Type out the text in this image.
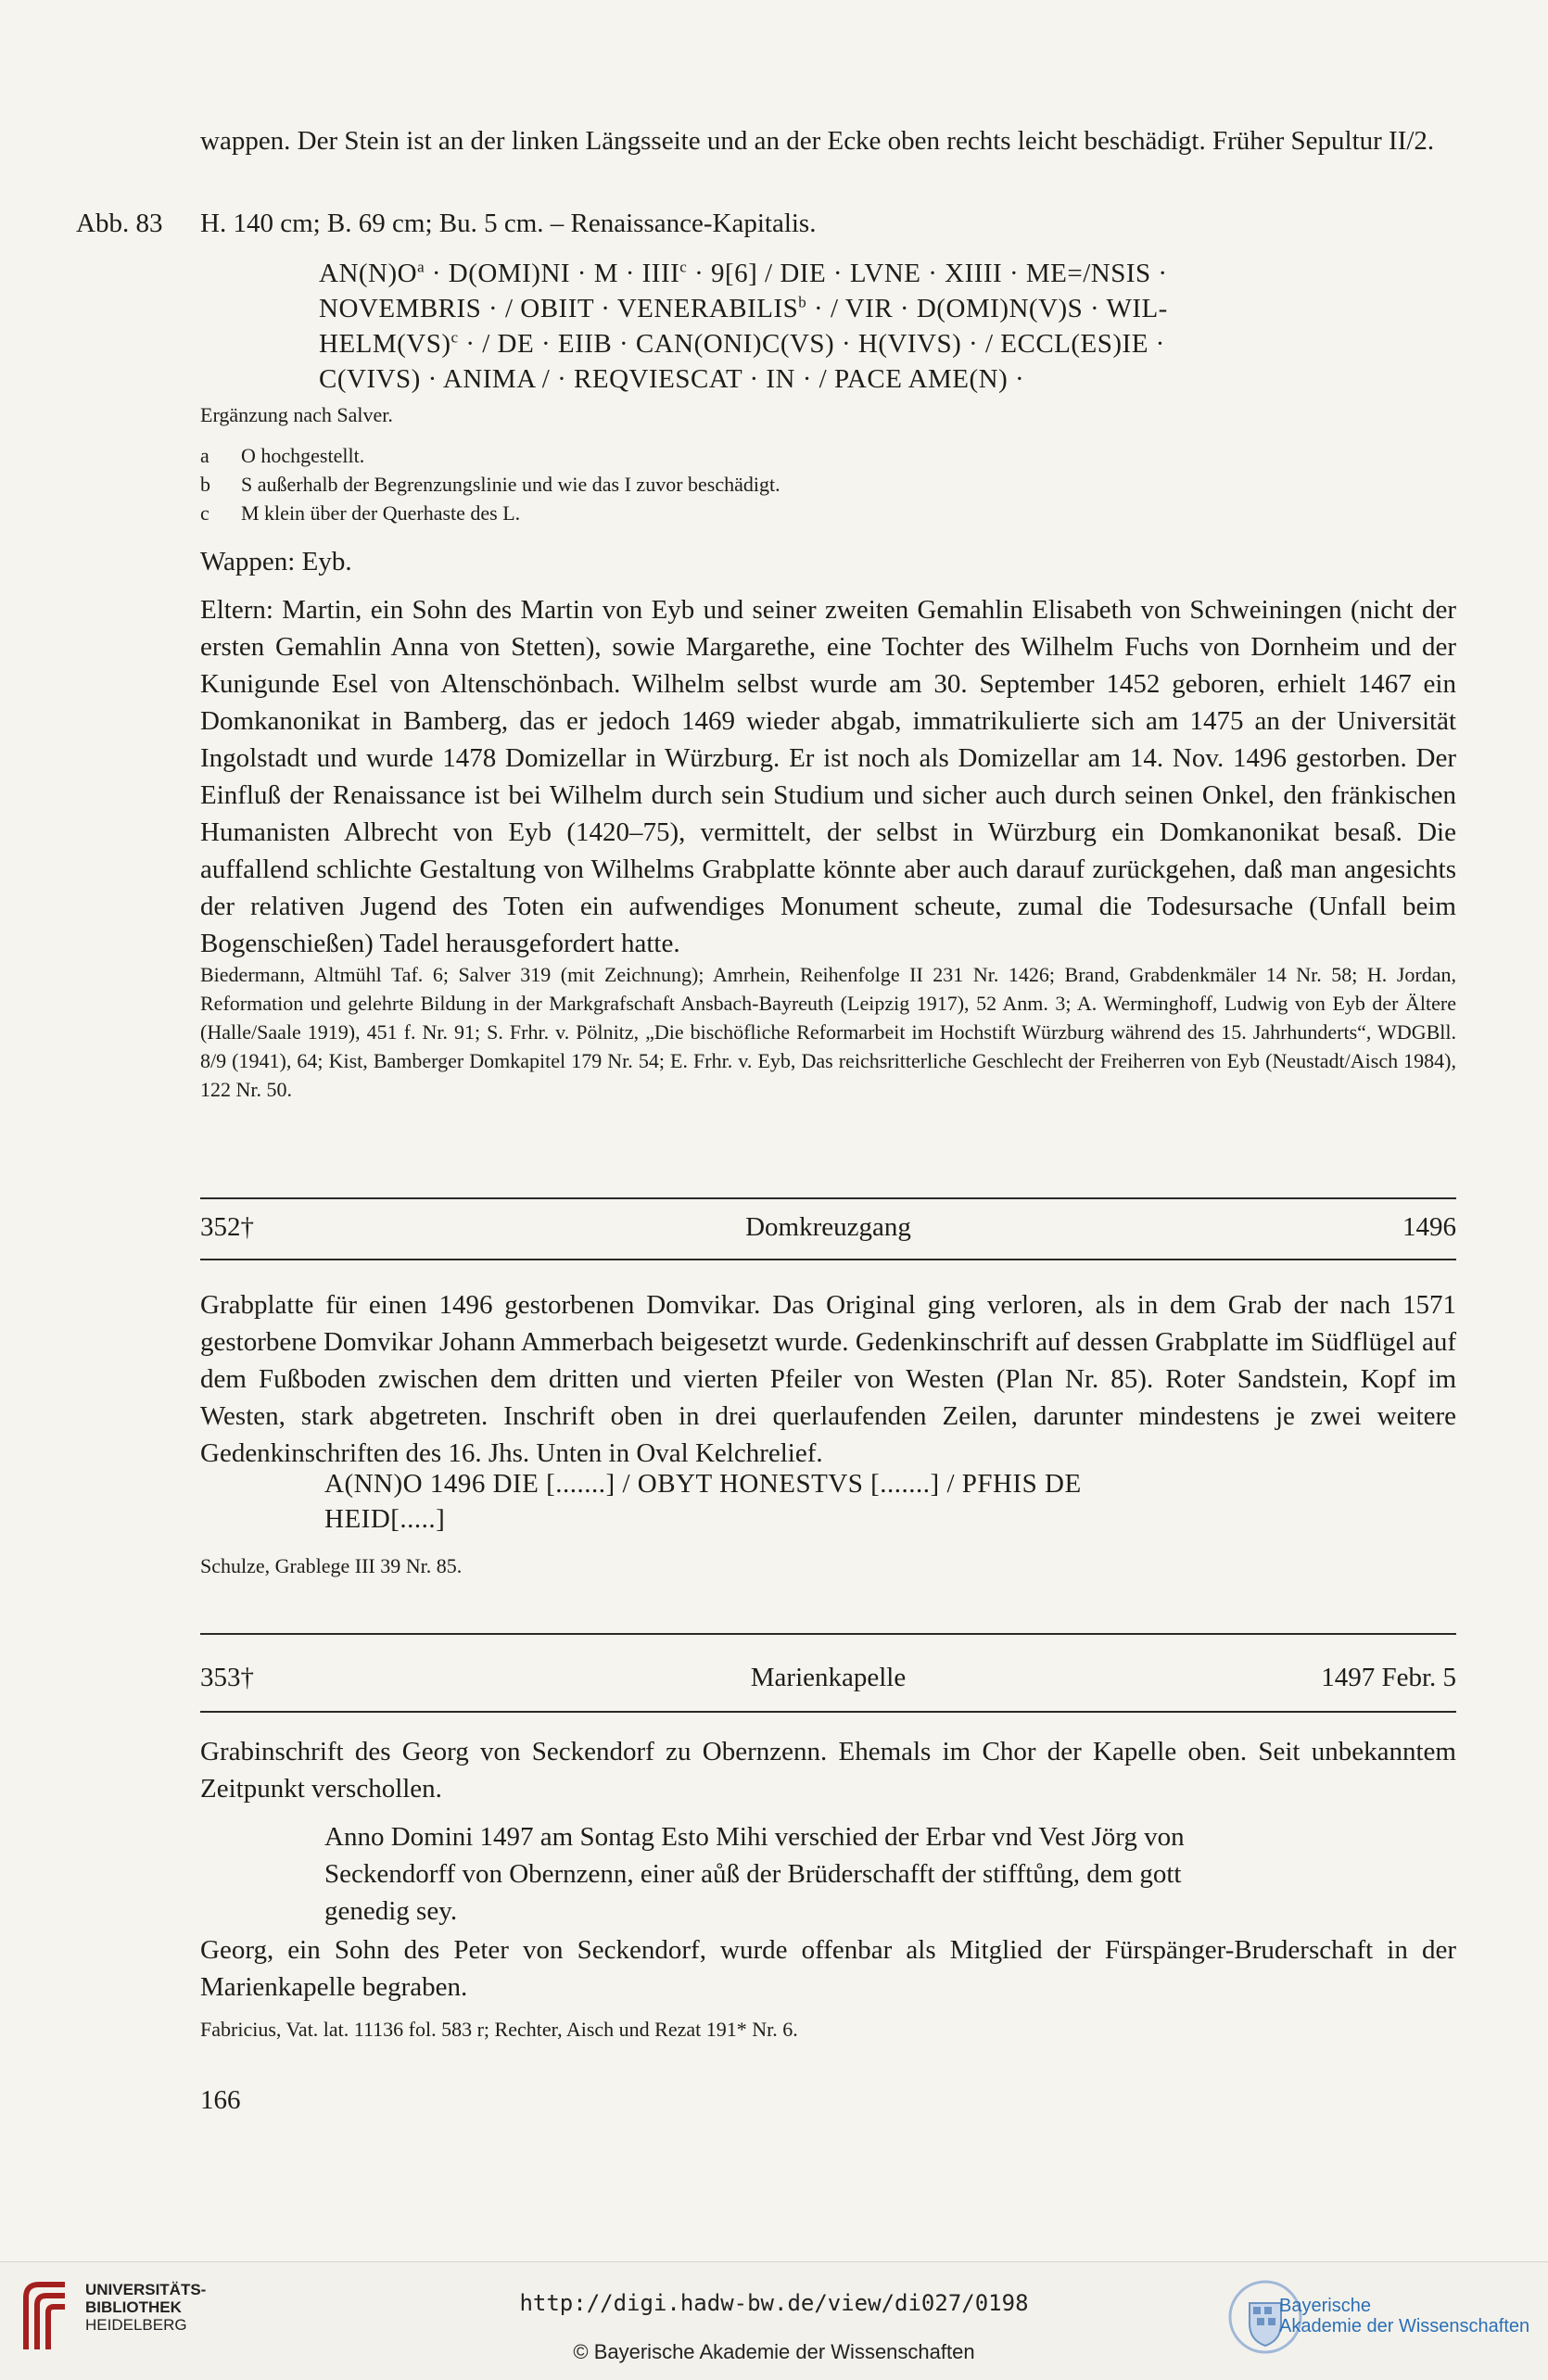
wappen. Der Stein ist an der linken Längsseite und an der Ecke oben rechts leicht beschädigt. Früher Sepultur II/2.
Abb. 83 H. 140 cm; B. 69 cm; Bu. 5 cm. – Renaissance-Kapitalis.
$AN(N)O^a \cdot D(OMI)NI \cdot M$ · $IIII^c \cdot 9[6]$ / DIE · LVNE · XIIII · ME=/NSIS ·
NOVEMBRIS · / OBIIT · $VENERABILIS^b$ · / VIR · D(OMI)N(V)S · WIL-
HELM(VS)$^c$ · / DE · EIIB · CAN(ONI)C(VS) · H(VIVS) · / ECCL(ES)IE ·
C(VIVS) · ANIMA / · REQVIESCAT · IN · / PACE AME(N) ·
Ergänzung nach Salver.
a	O hochgestellt.
b	S außerhalb der Begrenzungslinie und wie das I zuvor beschädigt.
c	M klein über der Querhaste des L.
Wappen: Eyb.
Eltern: Martin, ein Sohn des Martin von Eyb und seiner zweiten Gemahlin Elisabeth von Schweiningen (nicht der ersten Gemahlin Anna von Stetten), sowie Margarethe, eine Tochter des Wilhelm Fuchs von Dornheim und der Kunigunde Esel von Altenschönbach. Wilhelm selbst wurde am 30. September 1452 geboren, erhielt 1467 ein Domkanonikat in Bamberg, das er jedoch 1469 wieder abgab, immatrikulierte sich am 1475 an der Universität Ingolstadt und wurde 1478 Domizellar in Würzburg. Er ist noch als Domizellar am 14. Nov. 1496 gestorben. Der Einfluß der Renaissance ist bei Wilhelm durch sein Studium und sicher auch durch seinen Onkel, den fränkischen Humanisten Albrecht von Eyb (1420–75), vermittelt, der selbst in Würzburg ein Domkanonikat besaß. Die auffallend schlichte Gestaltung von Wilhelms Grabplatte könnte aber auch darauf zurückgehen, daß man angesichts der relativen Jugend des Toten ein aufwendiges Monument scheute, zumal die Todesursache (Unfall beim Bogenschießen) Tadel herausgefordert hatte.
Biedermann, Altmühl Taf. 6; Salver 319 (mit Zeichnung); Amrhein, Reihenfolge II 231 Nr. 1426; Brand, Grabdenkmäler 14 Nr. 58; H. Jordan, Reformation und gelehrte Bildung in der Markgrafschaft Ansbach-Bayreuth (Leipzig 1917), 52 Anm. 3; A. Werminghoff, Ludwig von Eyb der Ältere (Halle/Saale 1919), 451 f. Nr. 91; S. Frhr. v. Pölnitz, „Die bischöfliche Reformarbeit im Hochstift Würzburg während des 15. Jahrhunderts“, WDGBll. 8/9 (1941), 64; Kist, Bamberger Domkapitel 179 Nr. 54; E. Frhr. v. Eyb, Das reichsritterliche Geschlecht der Freiherren von Eyb (Neustadt/Aisch 1984), 122 Nr. 50.
352†	Domkreuzgang	1496
Grabplatte für einen 1496 gestorbenen Domvikar. Das Original ging verloren, als in dem Grab der nach 1571 gestorbene Domvikar Johann Ammerbach beigesetzt wurde. Gedenkinschrift auf dessen Grabplatte im Südflügel auf dem Fußboden zwischen dem dritten und vierten Pfeiler von Westen (Plan Nr. 85). Roter Sandstein, Kopf im Westen, stark abgetreten. Inschrift oben in drei querlaufenden Zeilen, darunter mindestens je zwei weitere Gedenkinschriften des 16. Jhs. Unten in Oval Kelchrelief.
A(NN)O 1496 DIE [.......] / OBYT HONESTVS [.......] / PFHIS DE
HEID[.....]
Schulze, Grablege III 39 Nr. 85.
353†	Marienkapelle	1497 Febr. 5
Grabinschrift des Georg von Seckendorf zu Obernzenn. Ehemals im Chor der Kapelle oben. Seit unbekanntem Zeitpunkt verschollen.
Anno Domini 1497 am Sontag Esto Mihi verschied der Erbar vnd Vest Jörg von
Seckendorff von Obernzenn, einer aůß der Brüderschafft der stifftůng, dem gott
genedig sey.
Georg, ein Sohn des Peter von Seckendorf, wurde offenbar als Mitglied der Fürspänger-Bruderschaft in der Marienkapelle begraben.
Fabricius, Vat. lat. 11136 fol. 583 r; Rechter, Aisch und Rezat 191* Nr. 6.
166
UNIVERSITÄTS-
BIBLIOTHEK
HEIDELBERG
http://digi.hadw-bw.de/view/di027/0198
© Bayerische Akademie der Wissenschaften
Bayerische
Akademie der Wissenschaften
